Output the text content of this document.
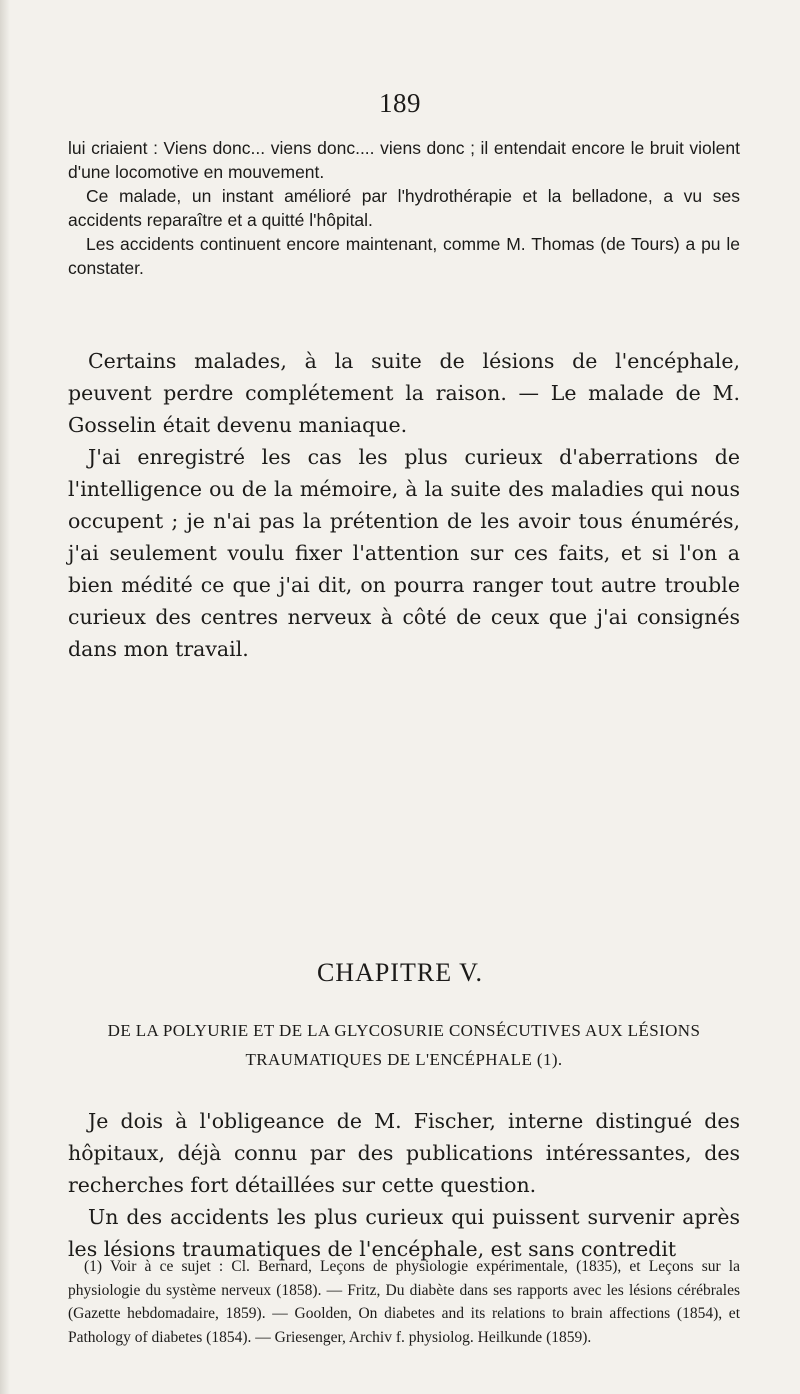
189

lui criaient : Viens donc... viens donc.... viens donc ; il entendait encore le bruit violent d'une locomotive en mouvement.

Ce malade, un instant amélioré par l'hydrothérapie et la belladone, a vu ses accidents reparaître et a quitté l'hôpital.

Les accidents continuent encore maintenant, comme M. Thomas (de Tours) a pu le constater.

Certains malades, à la suite de lésions de l'encéphale, peuvent perdre complétement la raison. — Le malade de M. Gosselin était devenu maniaque.

J'ai enregistré les cas les plus curieux d'aberrations de l'intelligence ou de la mémoire, à la suite des maladies qui nous occupent ; je n'ai pas la prétention de les avoir tous énumérés, j'ai seulement voulu fixer l'attention sur ces faits, et si l'on a bien médité ce que j'ai dit, on pourra ranger tout autre trouble curieux des centres nerveux à côté de ceux que j'ai consignés dans mon travail.

CHAPITRE V.
DE LA POLYURIE ET DE LA GLYCOSURIE CONSÉCUTIVES AUX LÉSIONS
TRAUMATIQUES DE L'ENCÉPHALE (1).

Je dois à l'obligeance de M. Fischer, interne distingué des hôpitaux, déjà connu par des publications intéressantes, des recherches fort détaillées sur cette question.

Un des accidents les plus curieux qui puissent survenir après les lésions traumatiques de l'encéphale, est sans contredit

(1) Voir à ce sujet : Cl. Bernard, Leçons de physiologie expérimentale, (1835), et Leçons sur la physiologie du système nerveux (1858). — Fritz, Du diabète dans ses rapports avec les lésions cérébrales (Gazette hebdomadaire, 1859). — Goolden, On diabetes and its relations to brain affections (1854), et Pathology of diabetes (1854). — Griesenger, Archiv f. physiolog. Heilkunde (1859).
